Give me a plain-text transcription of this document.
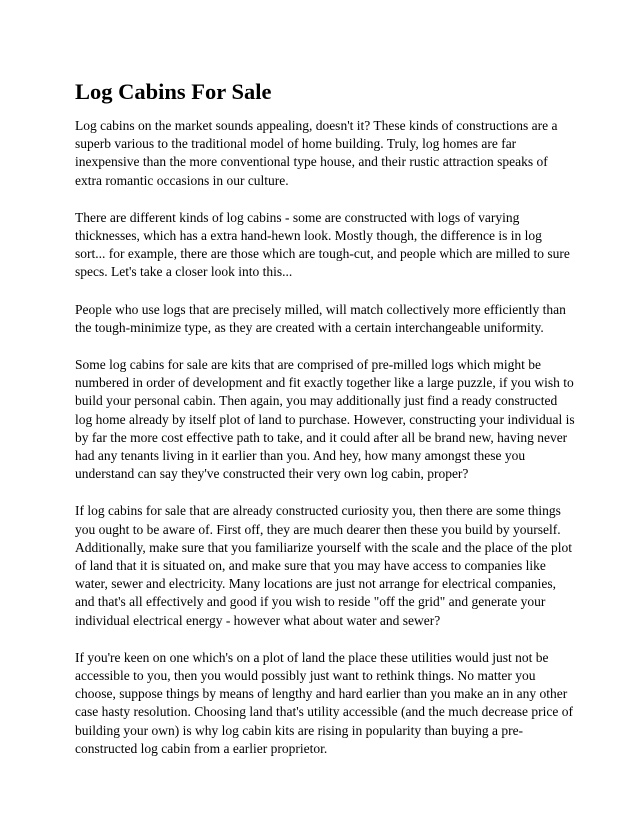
Log Cabins For Sale

Log cabins on the market sounds appealing, doesn't it? These kinds of constructions are a superb various to the traditional model of home building. Truly, log homes are far inexpensive than the more conventional type house, and their rustic attraction speaks of extra romantic occasions in our culture.

There are different kinds of log cabins - some are constructed with logs of varying thicknesses, which has a extra hand-hewn look. Mostly though, the difference is in log sort... for example, there are those which are tough-cut, and people which are milled to sure specs. Let's take a closer look into this...

People who use logs that are precisely milled, will match collectively more efficiently than the tough-minimize type, as they are created with a certain interchangeable uniformity.

Some log cabins for sale are kits that are comprised of pre-milled logs which might be numbered in order of development and fit exactly together like a large puzzle, if you wish to build your personal cabin. Then again, you may additionally just find a ready constructed log home already by itself plot of land to purchase. However, constructing your individual is by far the more cost effective path to take, and it could after all be brand new, having never had any tenants living in it earlier than you. And hey, how many amongst these you understand can say they've constructed their very own log cabin, proper?

If log cabins for sale that are already constructed curiosity you, then there are some things you ought to be aware of. First off, they are much dearer then these you build by yourself. Additionally, make sure that you familiarize yourself with the scale and the place of the plot of land that it is situated on, and make sure that you may have access to companies like water, sewer and electricity. Many locations are just not arrange for electrical companies, and that's all effectively and good if you wish to reside "off the grid" and generate your individual electrical energy - however what about water and sewer?

If you're keen on one which's on a plot of land the place these utilities would just not be accessible to you, then you would possibly just want to rethink things. No matter you choose, suppose things by means of lengthy and hard earlier than you make an in any other case hasty resolution. Choosing land that's utility accessible (and the much decrease price of building your own) is why log cabin kits are rising in popularity than buying a pre-constructed log cabin from a earlier proprietor.
